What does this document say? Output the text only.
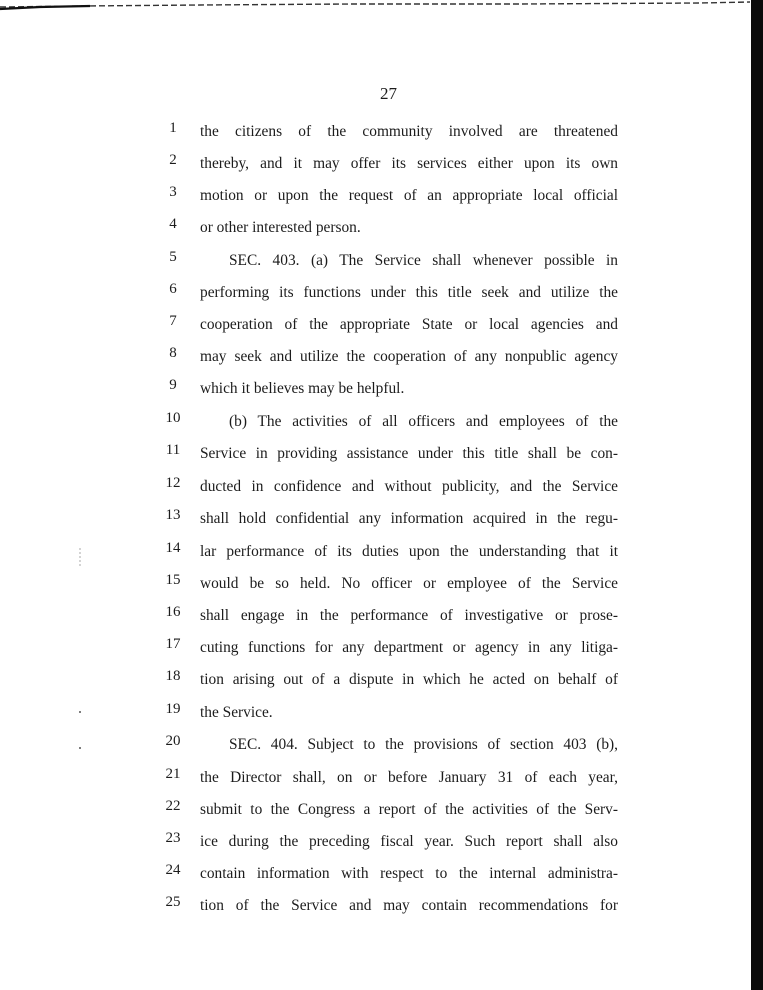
27
1	the citizens of the community involved are threatened
2	thereby, and it may offer its services either upon its own
3	motion or upon the request of an appropriate local official
4	or other interested person.
5	SEC. 403. (a) The Service shall whenever possible in
6	performing its functions under this title seek and utilize the
7	cooperation of the appropriate State or local agencies and
8	may seek and utilize the cooperation of any nonpublic agency
9	which it believes may be helpful.
10	(b) The activities of all officers and employees of the
11	Service in providing assistance under this title shall be con-
12	ducted in confidence and without publicity, and the Service
13	shall hold confidential any information acquired in the regu-
14	lar performance of its duties upon the understanding that it
15	would be so held. No officer or employee of the Service
16	shall engage in the performance of investigative or prose-
17	cuting functions for any department or agency in any litiga-
18	tion arising out of a dispute in which he acted on behalf of
19	the Service.
20	SEC. 404. Subject to the provisions of section 403 (b),
21	the Director shall, on or before January 31 of each year,
22	submit to the Congress a report of the activities of the Serv-
23	ice during the preceding fiscal year. Such report shall also
24	contain information with respect to the internal administra-
25	tion of the Service and may contain recommendations for
